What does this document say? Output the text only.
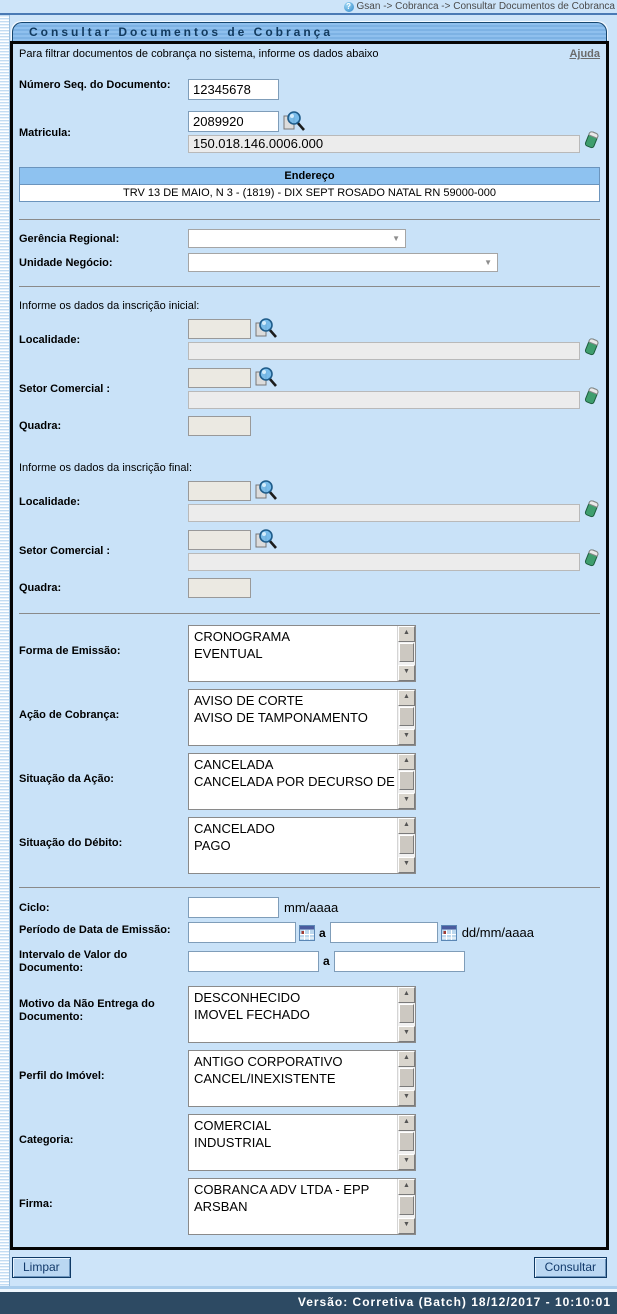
? Gsan -> Cobranca -> Consultar Documentos de Cobranca
Consultar Documentos de Cobrança
Para filtrar documentos de cobrança no sistema, informe os dados abaixo	Ajuda
Número Seq. do Documento:
12345678
Matricula:
2089920
150.018.146.0006.000
Endereço
TRV 13 DE MAIO, N 3 - (1819) - DIX SEPT ROSADO NATAL RN 59000-000
Gerência Regional:	▼
Unidade Negócio:	▼
Informe os dados da inscrição inicial:
Localidade:
Setor Comercial :
Quadra:
Informe os dados da inscrição final:
Localidade:
Setor Comercial :
Quadra:
Forma de Emissão:
CRONOGRAMA
EVENTUAL
▲
▼
Ação de Cobrança:
AVISO DE CORTE
AVISO DE TAMPONAMENTO
▲
▼
Situação da Ação:
CANCELADA
CANCELADA POR DECURSO DE
▲
▼
Situação do Débito:
CANCELADO
PAGO
▲
▼
Ciclo:	mm/aaaa
Período de Data de Emissão:	a	dd/mm/aaaa
Intervalo de Valor do Documento:	a
Motivo da Não Entrega do Documento:
DESCONHECIDO
IMOVEL FECHADO
▲
▼
Perfil do Imóvel:
ANTIGO CORPORATIVO
CANCEL/INEXISTENTE
▲
▼
Categoria:
COMERCIAL
INDUSTRIAL
▲
▼
Firma:
COBRANCA ADV LTDA - EPP
ARSBAN
▲
▼
Limpar	Consultar
Versão: Corretiva (Batch) 18/12/2017 - 10:10:01
